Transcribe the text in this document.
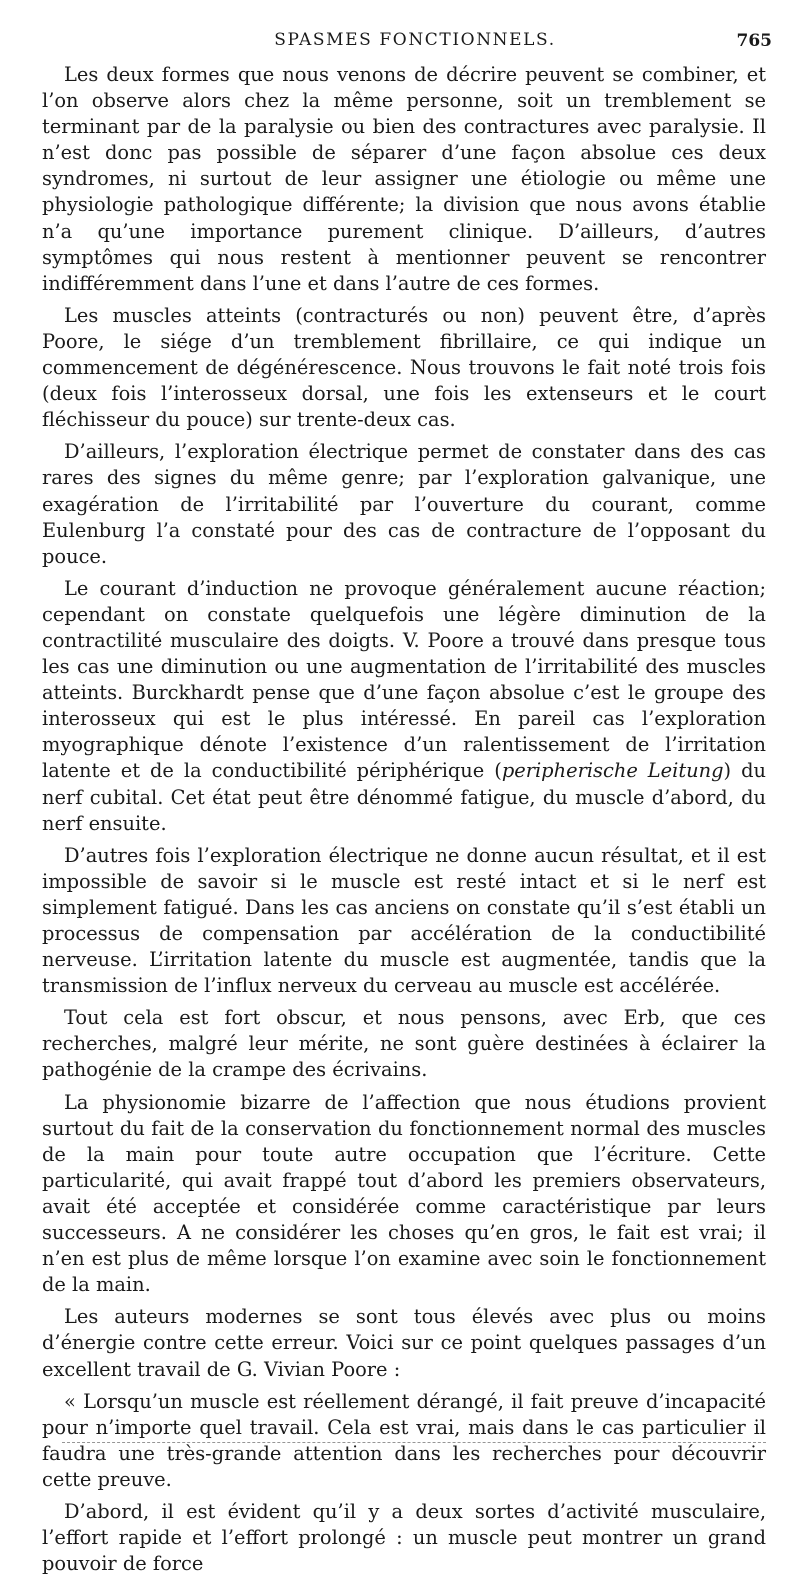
SPASMES FONCTIONNELS.	765

Les deux formes que nous venons de décrire peuvent se combiner, et l’on observe alors chez la même personne, soit un tremblement se terminant par de la paralysie ou bien des contractures avec paralysie. Il n’est donc pas possible de séparer d’une façon absolue ces deux syndromes, ni surtout de leur assigner une étiologie ou même une physiologie pathologique différente; la division que nous avons établie n’a qu’une importance purement clinique. D’ailleurs, d’autres symptômes qui nous restent à mentionner peuvent se rencontrer indifféremment dans l’une et dans l’autre de ces formes.

Les muscles atteints (contracturés ou non) peuvent être, d’après Poore, le siége d’un tremblement fibrillaire, ce qui indique un commencement de dégénérescence. Nous trouvons le fait noté trois fois (deux fois l’interosseux dorsal, une fois les extenseurs et le court fléchisseur du pouce) sur trente-deux cas.

D’ailleurs, l’exploration électrique permet de constater dans des cas rares des signes du même genre; par l’exploration galvanique, une exagération de l’irritabilité par l’ouverture du courant, comme Eulenburg l’a constaté pour des cas de contracture de l’opposant du pouce.

Le courant d’induction ne provoque généralement aucune réaction; cependant on constate quelquefois une légère diminution de la contractilité musculaire des doigts. V. Poore a trouvé dans presque tous les cas une diminution ou une augmentation de l’irritabilité des muscles atteints. Burckhardt pense que d’une façon absolue c’est le groupe des interosseux qui est le plus intéressé. En pareil cas l’exploration myographique dénote l’existence d’un ralentissement de l’irritation latente et de la conductibilité périphérique (peripherische Leitung) du nerf cubital. Cet état peut être dénommé fatigue, du muscle d’abord, du nerf ensuite.

D’autres fois l’exploration électrique ne donne aucun résultat, et il est impossible de savoir si le muscle est resté intact et si le nerf est simplement fatigué. Dans les cas anciens on constate qu’il s’est établi un processus de compensation par accélération de la conductibilité nerveuse. L’irritation latente du muscle est augmentée, tandis que la transmission de l’influx nerveux du cerveau au muscle est accélérée.

Tout cela est fort obscur, et nous pensons, avec Erb, que ces recherches, malgré leur mérite, ne sont guère destinées à éclairer la pathogénie de la crampe des écrivains.

La physionomie bizarre de l’affection que nous étudions provient surtout du fait de la conservation du fonctionnement normal des muscles de la main pour toute autre occupation que l’écriture. Cette particularité, qui avait frappé tout d’abord les premiers observateurs, avait été acceptée et considérée comme caractéristique par leurs successeurs. A ne considérer les choses qu’en gros, le fait est vrai; il n’en est plus de même lorsque l’on examine avec soin le fonctionnement de la main.

Les auteurs modernes se sont tous élevés avec plus ou moins d’énergie contre cette erreur. Voici sur ce point quelques passages d’un excellent travail de G. Vivian Poore :

« Lorsqu’un muscle est réellement dérangé, il fait preuve d’incapacité pour n’importe quel travail. Cela est vrai, mais dans le cas particulier il faudra une très-grande attention dans les recherches pour découvrir cette preuve.

D’abord, il est évident qu’il y a deux sortes d’activité musculaire, l’effort rapide et l’effort prolongé : un muscle peut montrer un grand pouvoir de force
